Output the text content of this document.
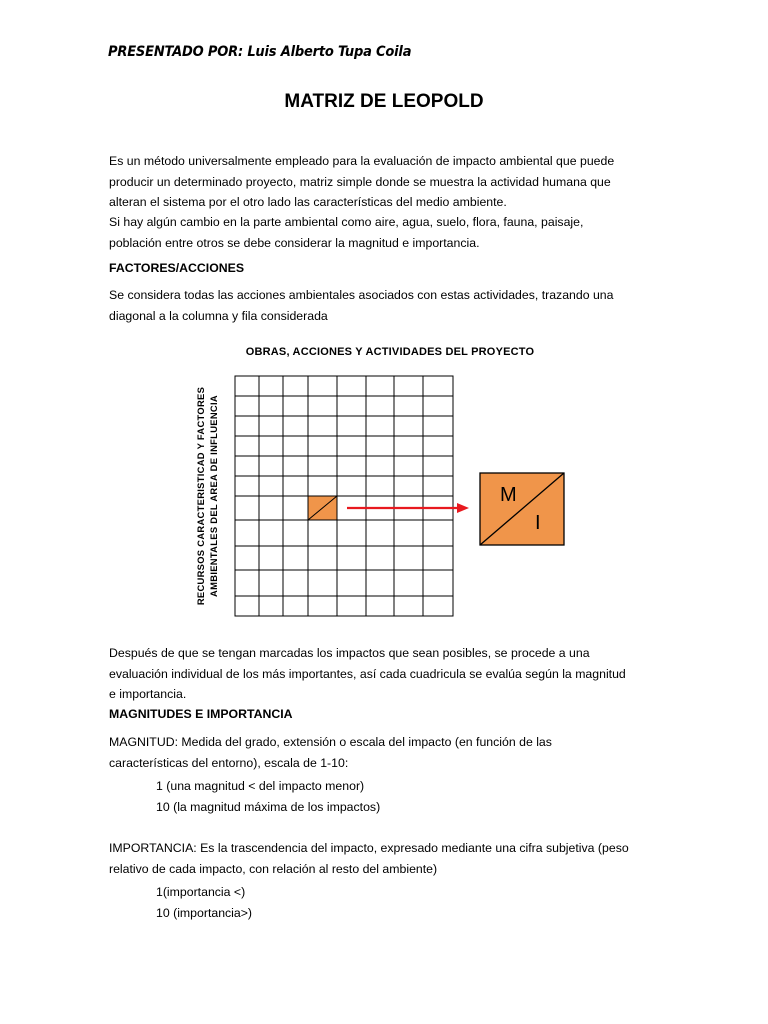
PRESENTADO POR: Luis Alberto Tupa Coila
MATRIZ DE LEOPOLD
Es un método universalmente empleado para la evaluación de impacto ambiental que puede
producir un determinado proyecto, matriz simple donde se muestra la actividad humana que
alteran el sistema por el otro lado las características del medio ambiente.
Si hay algún cambio en la parte ambiental como aire, agua, suelo, flora, fauna, paisaje,
población entre otros se debe considerar la magnitud e importancia.
FACTORES/ACCIONES
Se considera todas las acciones ambientales asociados con estas actividades, trazando una
diagonal a la columna y fila considerada
OBRAS, ACCIONES Y ACTIVIDADES DEL PROYECTO
RECURSOS CARACTERISTICAD Y FACTORES AMBIENTALES DEL AREA DE INFLUENCIA	M
I
Después de que se tengan marcadas los impactos que sean posibles, se procede a una
evaluación individual de los más importantes, así cada cuadricula se evalúa según la magnitud
e importancia.
MAGNITUDES E IMPORTANCIA
MAGNITUD: Medida del grado, extensión o escala del impacto (en función de las
características del entorno), escala de 1-10:
1 (una magnitud < del impacto menor)
10 (la magnitud máxima de los impactos)
IMPORTANCIA: Es la trascendencia del impacto, expresado mediante una cifra subjetiva (peso
relativo de cada impacto, con relación al resto del ambiente)
1(importancia <)
10 (importancia>)
